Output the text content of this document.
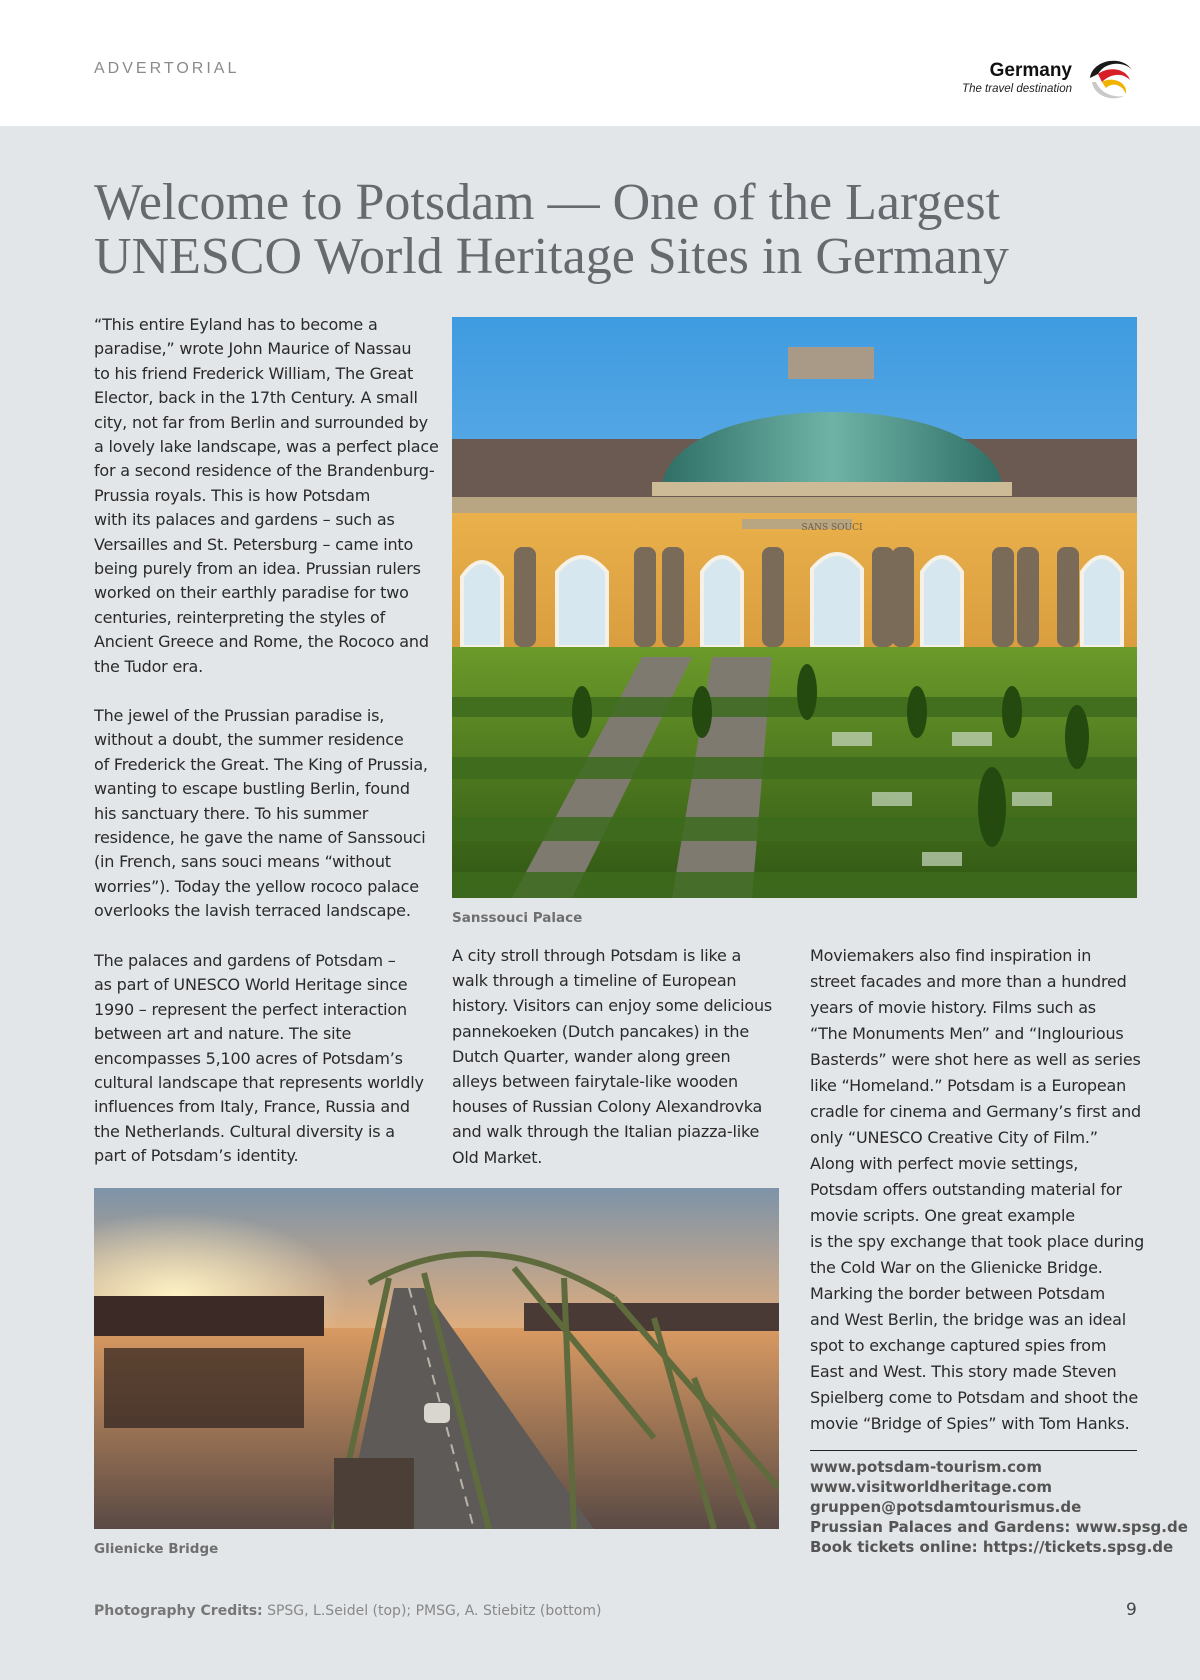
ADVERTORIAL	Germany
The travel destination
Welcome to Potsdam — One of the Largest
UNESCO World Heritage Sites in Germany
“This entire Eyland has to become a
paradise,” wrote John Maurice of Nassau
to his friend Frederick William, The Great
Elector, back in the 17th Century. A small
city, not far from Berlin and surrounded by
a lovely lake landscape, was a perfect place
for a second residence of the Brandenburg-
Prussia royals. This is how Potsdam
with its palaces and gardens – such as
Versailles and St. Petersburg – came into
being purely from an idea. Prussian rulers
worked on their earthly paradise for two
centuries, reinterpreting the styles of
Ancient Greece and Rome, the Rococo and
the Tudor era.
The jewel of the Prussian paradise is,
without a doubt, the summer residence
of Frederick the Great. The King of Prussia,
wanting to escape bustling Berlin, found
his sanctuary there. To his summer
residence, he gave the name of Sanssouci
(in French, sans souci means “without
worries”). Today the yellow rococo palace
overlooks the lavish terraced landscape.
The palaces and gardens of Potsdam –
as part of UNESCO World Heritage since
1990 – represent the perfect interaction
between art and nature. The site
encompasses 5,100 acres of Potsdam’s
cultural landscape that represents worldly
influences from Italy, France, Russia and
the Netherlands. Cultural diversity is a
part of Potsdam’s identity.
A city stroll through Potsdam is like a
walk through a timeline of European
history. Visitors can enjoy some delicious
pannekoeken (Dutch pancakes) in the
Dutch Quarter, wander along green
alleys between fairytale-like wooden
houses of Russian Colony Alexandrovka
and walk through the Italian piazza-like
Old Market.
Moviemakers also find inspiration in
street facades and more than a hundred
years of movie history. Films such as
“The Monuments Men” and “Inglourious
Basterds” were shot here as well as series
like “Homeland.” Potsdam is a European
cradle for cinema and Germany’s first and
only “UNESCO Creative City of Film.”
Along with perfect movie settings,
Potsdam offers outstanding material for
movie scripts. One great example
is the spy exchange that took place during
the Cold War on the Glienicke Bridge.
Marking the border between Potsdam
and West Berlin, the bridge was an ideal
spot to exchange captured spies from
East and West. This story made Steven
Spielberg come to Potsdam and shoot the
movie “Bridge of Spies” with Tom Hanks.
SANS SOUCI
Sanssouci Palace
Glienicke Bridge
www.potsdam-tourism.com
www.visitworldheritage.com
gruppen@potsdamtourismus.de
Prussian Palaces and Gardens: www.spsg.de
Book tickets online: https://tickets.spsg.de
Photography Credits: SPSG, L.Seidel (top); PMSG, A. Stiebitz (bottom)	9
